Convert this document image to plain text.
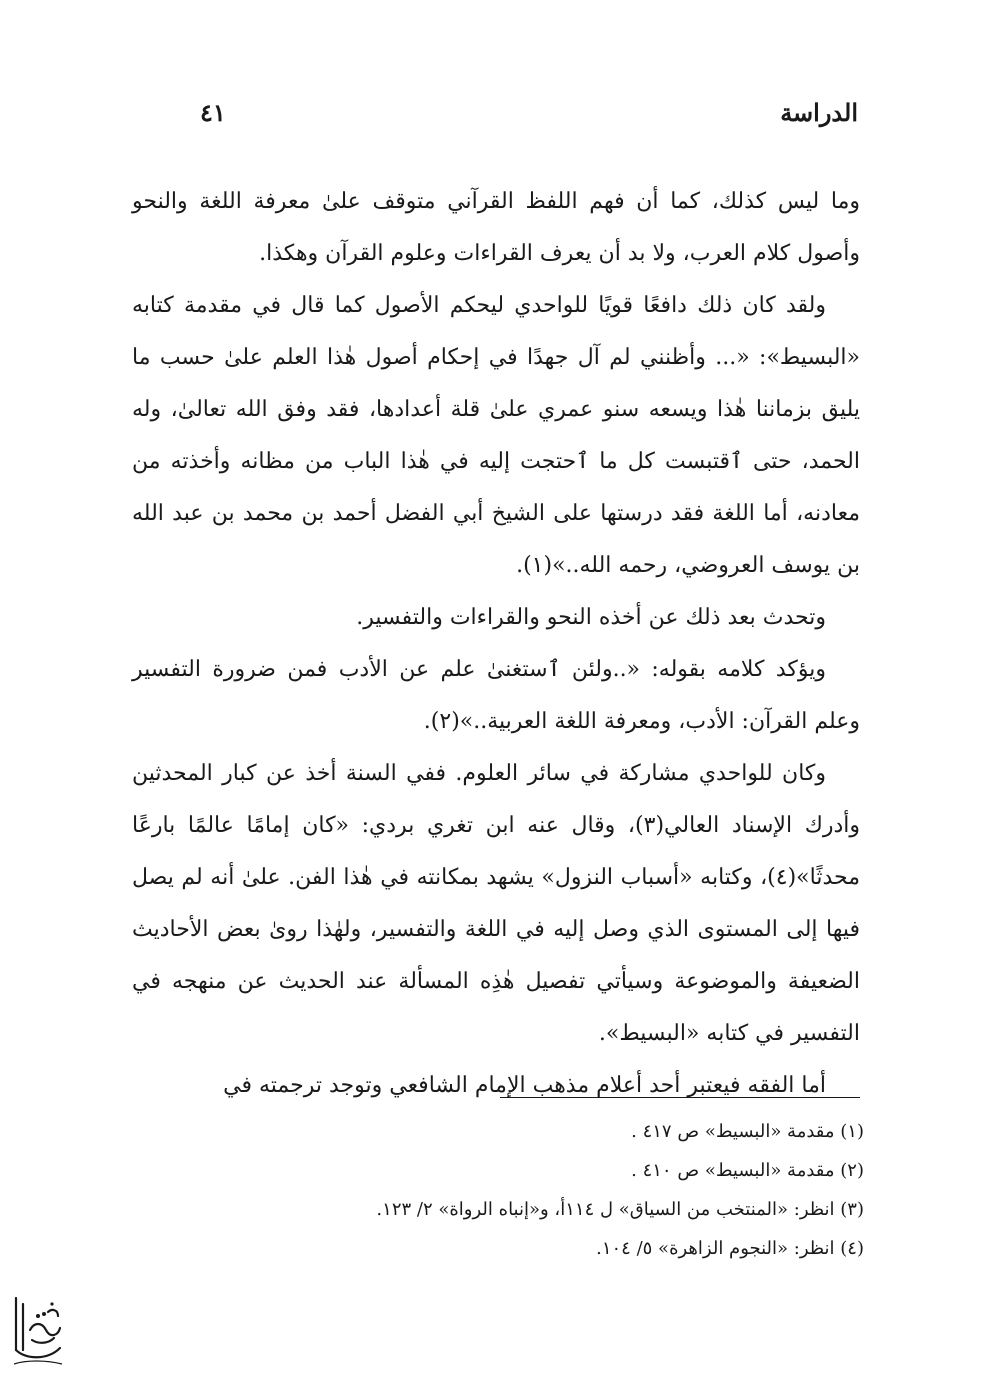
الدراسة
٤١

وما ليس كذلك، كما أن فهم اللفظ القرآني متوقف علىٰ معرفة اللغة والنحو وأصول كلام العرب، ولا بد أن يعرف القراءات وعلوم القرآن وهكذا.

ولقد كان ذلك دافعًا قويًا للواحدي ليحكم الأصول كما قال في مقدمة كتابه «البسيط»: «... وأظنني لم آل جهدًا في إحكام أصول هٰذا العلم علىٰ حسب ما يليق بزماننا هٰذا ويسعه سنو عمري علىٰ قلة أعدادها، فقد وفق الله تعالىٰ، وله الحمد، حتى ٱقتبست كل ما ٱحتجت إليه في هٰذا الباب من مظانه وأخذته من معادنه، أما اللغة فقد درستها على الشيخ أبي الفضل أحمد بن محمد بن عبد الله بن يوسف العروضي، رحمه الله..»(١).

وتحدث بعد ذلك عن أخذه النحو والقراءات والتفسير.

ويؤكد كلامه بقوله: «..ولئن ٱستغنىٰ علم عن الأدب فمن ضرورة التفسير وعلم القرآن: الأدب، ومعرفة اللغة العربية..»(٢).

وكان للواحدي مشاركة في سائر العلوم. ففي السنة أخذ عن كبار المحدثين وأدرك الإسناد العالي(٣)، وقال عنه ابن تغري بردي: «كان إمامًا عالمًا بارعًا محدثًا»(٤)، وكتابه «أسباب النزول» يشهد بمكانته في هٰذا الفن. علىٰ أنه لم يصل فيها إلى المستوى الذي وصل إليه في اللغة والتفسير، ولهٰذا روىٰ بعض الأحاديث الضعيفة والموضوعة وسيأتي تفصيل هٰذِه المسألة عند الحديث عن منهجه في التفسير في كتابه «البسيط».

أما الفقه فيعتبر أحد أعلام مذهب الإمام الشافعي وتوجد ترجمته في

(١) مقدمة «البسيط» ص ٤١٧ .

(٢) مقدمة «البسيط» ص ٤١٠ .

(٣) انظر: «المنتخب من السياق» ل ١١٤أ، و«إنباه الرواة» ٢/ ١٢٣.

(٤) انظر: «النجوم الزاهرة» ٥/ ١٠٤.
